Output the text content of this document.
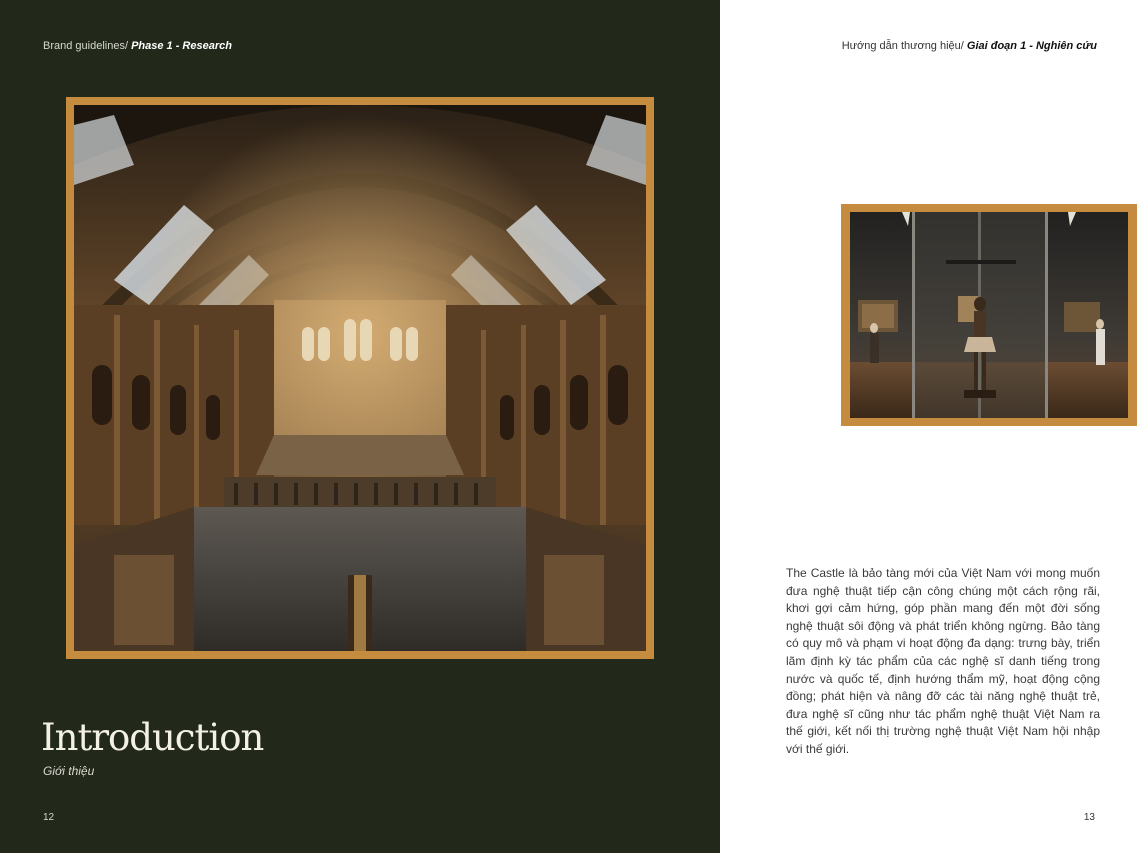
Brand guidelines/ Phase 1 - Research	Hướng dẫn thương hiệu/ Giai đoạn 1 - Nghiên cứu
Introduction
Giới thiệu
12	13

The Castle là bảo tàng mới của Việt Nam với mong muốn đưa nghệ thuật tiếp cận công chúng một cách rộng rãi, khơi gợi cảm hứng, góp phần mang đến một đời sống nghệ thuật sôi động và phát triển không ngừng. Bảo tàng có quy mô và phạm vi hoạt động đa dạng: trưng bày, triển lãm định kỳ tác phẩm của các nghệ sĩ danh tiếng trong nước và quốc tế, định hướng thẩm mỹ, hoạt động cộng đồng; phát hiện và nâng đỡ các tài năng nghệ thuật trẻ, đưa nghệ sĩ cũng như tác phẩm nghệ thuật Việt Nam ra thế giới, kết nối thị trường nghệ thuật Việt Nam hội nhập với thế giới.
